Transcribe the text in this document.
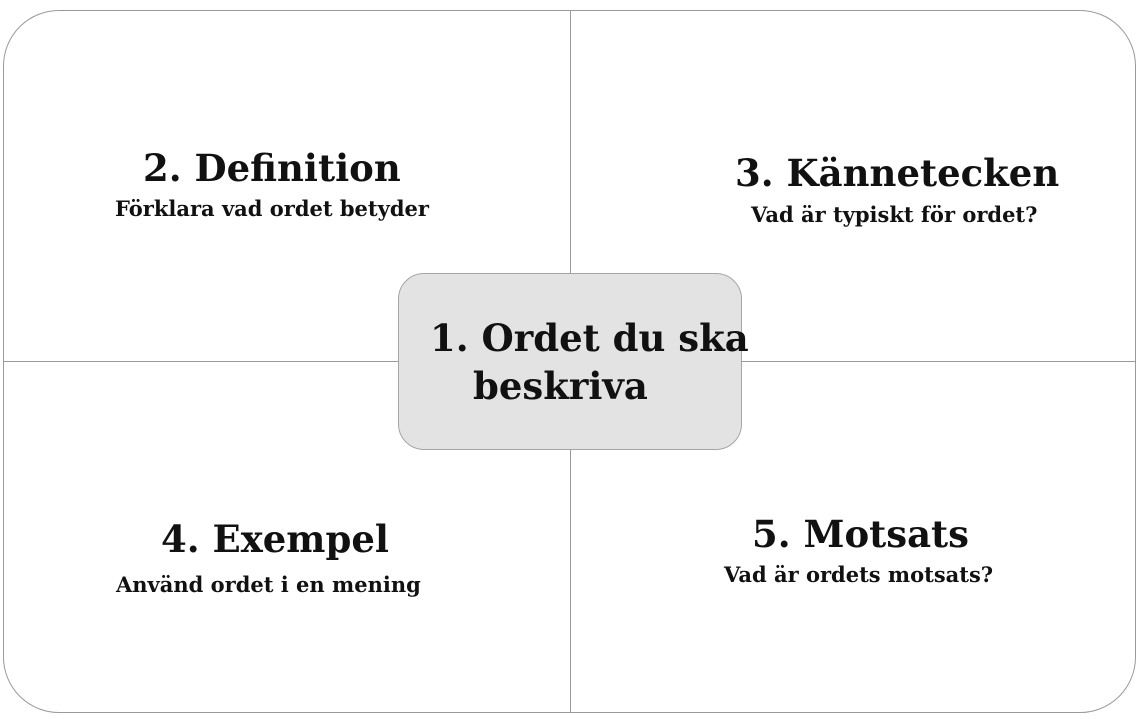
2. Definition
Förklara vad ordet betyder
3. Kännetecken
Vad är typiskt för ordet?
4. Exempel
Använd ordet i en mening
5. Motsats
Vad är ordets motsats?
1. Ordet du ska
beskriva
